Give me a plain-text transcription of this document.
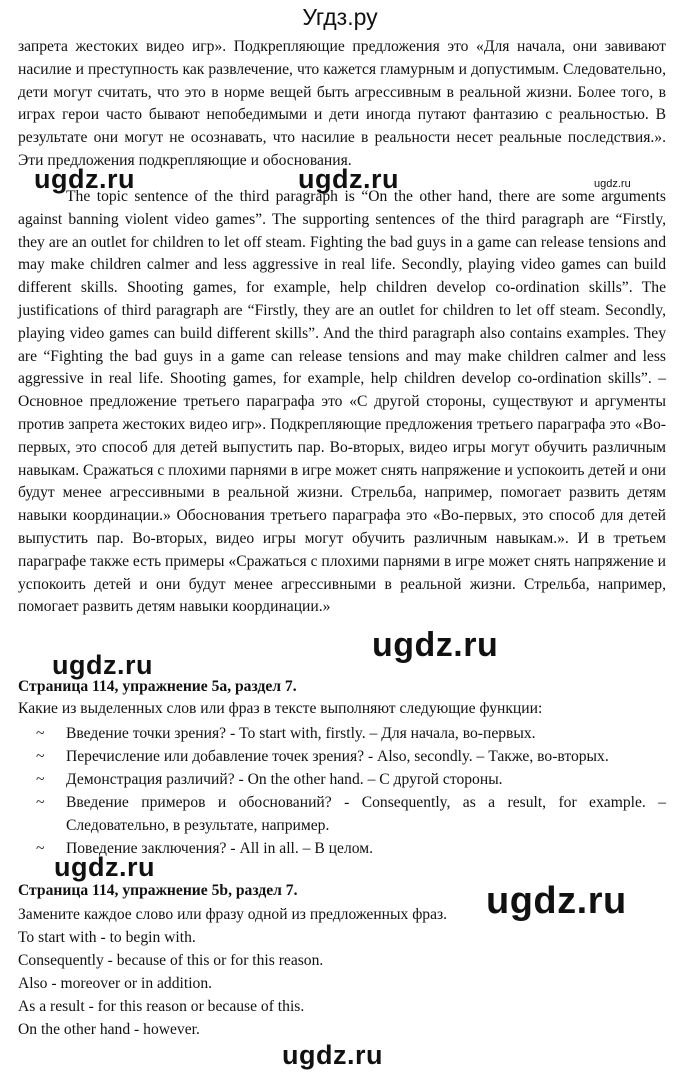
Угдз.ру

запрета жестоких видео игр». Подкрепляющие предложения это «Для начала, они завивают насилие и преступность как развлечение, что кажется гламурным и допустимым. Следовательно, дети могут считать, что это в норме вещей быть агрессивным в реальной жизни. Более того, в играх герои часто бывают непобедимыми и дети иногда путают фантазию с реальностью. В результате они могут не осознавать, что насилие в реальности несет реальные последствия.». Эти предложения подкрепляющие и обоснования.

The topic sentence of the third paragraph is “On the other hand, there are some arguments against banning violent video games”. The supporting sentences of the third paragraph are “Firstly, they are an outlet for children to let off steam. Fighting the bad guys in a game can release tensions and may make children calmer and less aggressive in real life. Secondly, playing video games can build different skills. Shooting games, for example, help children develop co-ordination skills”. The justifications of third paragraph are “Firstly, they are an outlet for children to let off steam. Secondly, playing video games can build different skills”. And the third paragraph also contains examples. They are “Fighting the bad guys in a game can release tensions and may make children calmer and less aggressive in real life. Shooting games, for example, help children develop co-ordination skills”. – Основное предложение третьего параграфа это «С другой стороны, существуют и аргументы против запрета жестоких видео игр». Подкрепляющие предложения третьего параграфа это «Во-первых, это способ для детей выпустить пар. Во-вторых, видео игры могут обучить различным навыкам. Сражаться с плохими парнями в игре может снять напряжение и успокоить детей и они будут менее агрессивными в реальной жизни. Стрельба, например, помогает развить детям навыки координации.» Обоснования третьего параграфа это «Во-первых, это способ для детей выпустить пар. Во-вторых, видео игры могут обучить различным навыкам.». И в третьем параграфе также есть примеры «Сражаться с плохими парнями в игре может снять напряжение и успокоить детей и они будут менее агрессивными в реальной жизни. Стрельба, например, помогает развить детям навыки координации.»

Страница 114, упражнение 5a, раздел 7.
Какие из выделенных слов или фраз в тексте выполняют следующие функции:
~ Введение точки зрения? - To start with, firstly. – Для начала, во-первых.
~ Перечисление или добавление точек зрения? - Also, secondly. – Также, во-вторых.
~ Демонстрация различий? - On the other hand. – С другой стороны.
~ Введение примеров и обоснований? - Consequently, as a result, for example. – Следовательно, в результате, например.
~ Поведение заключения? - All in all. – В целом.
Страница 114, упражнение 5b, раздел 7.
Замените каждое слово или фразу одной из предложенных фраз.
To start with - to begin with.
Consequently - because of this or for this reason.
Also - moreover or in addition.
As a result - for this reason or because of this.
On the other hand ‑ however.
ugdz.ru	ugdz.ru	ugdz.ru
ugdz.ru
ugdz.ru
ugdz.ru
ugdz.ru
ugdz.ru
